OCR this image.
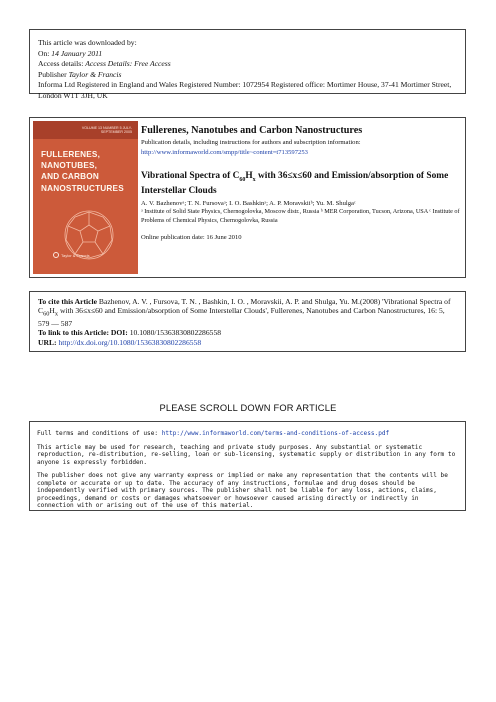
This article was downloaded by:
On: 14 January 2011
Access details: Access Details: Free Access
Publisher Taylor & Francis
Informa Ltd Registered in England and Wales Registered Number: 1072954 Registered office: Mortimer House, 37-41 Mortimer Street, London W1T 3JH, UK
VOLUME 13 NUMBER 5 JULY-SEPTEMBER 2005
FULLERENES,
NANOTUBES,
AND CARBON
NANOSTRUCTURES
Taylor & Francis
Fullerenes, Nanotubes and Carbon Nanostructures
Publication details, including instructions for authors and subscription information:
http://www.informaworld.com/smpp/title~content=t713597253
Vibrational Spectra of $C_{60}H_x$ with 36≤x≤60 and Emission/absorption of Some Interstellar Clouds
A. V. Bazhenovᵃ; T. N. Fursovaᵃ; I. O. Bashkinᵃ; A. P. Moravskiiᵇ; Yu. M. Shulgaᶜ
ᵃ Institute of Solid State Physics, Chernogolovka, Moscow distr., Russia ᵇ MER Corporation, Tucson, Arizona, USA ᶜ Institute of Problems of Chemical Physics, Chernogolovka, Russia
Online publication date: 16 June 2010
To cite this Article Bazhenov, A. V. , Fursova, T. N. , Bashkin, I. O. , Moravskii, A. P. and Shulga, Yu. M.(2008) 'Vibrational Spectra of $C_{60}H_x$ with 36≤x≤60 and Emission/absorption of Some Interstellar Clouds', Fullerenes, Nanotubes and Carbon Nanostructures, 16: 5, 579 — 587
To link to this Article: DOI: 10.1080/15363830802286558
URL: http://dx.doi.org/10.1080/15363830802286558
PLEASE SCROLL DOWN FOR ARTICLE

Full terms and conditions of use: http://www.informaworld.com/terms-and-conditions-of-access.pdf

This article may be used for research, teaching and private study purposes. Any substantial or systematic reproduction, re-distribution, re-selling, loan or sub-licensing, systematic supply or distribution in any form to anyone is expressly forbidden.

The publisher does not give any warranty express or implied or make any representation that the contents will be complete or accurate or up to date. The accuracy of any instructions, formulae and drug doses should be independently verified with primary sources. The publisher shall not be liable for any loss, actions, claims, proceedings, demand or costs or damages whatsoever or howsoever caused arising directly or indirectly in connection with or arising out of the use of this material.
